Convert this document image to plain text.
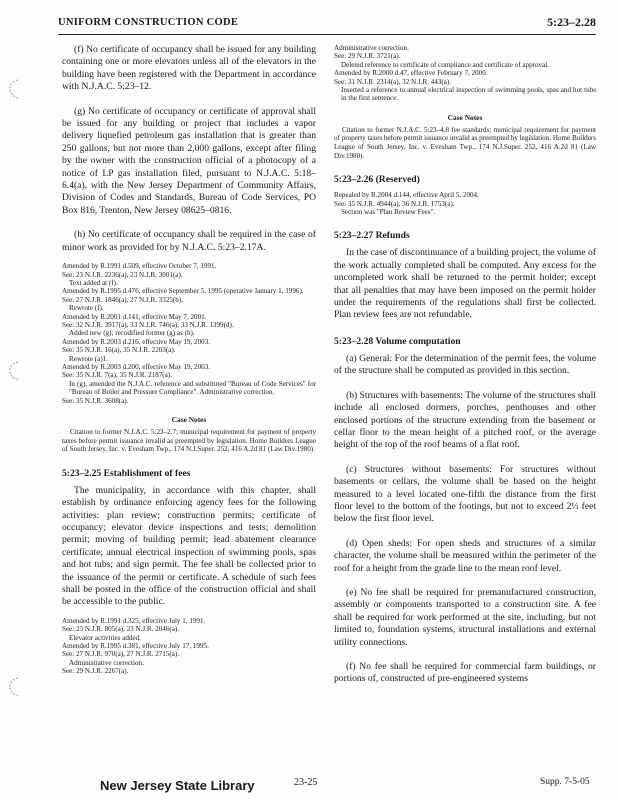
UNIFORM CONSTRUCTION CODE	5:23–2.28

(f) No certificate of occupancy shall be issued for any building containing one or more elevators unless all of the elevators in the building have been registered with the Department in accordance with N.J.A.C. 5:23–12.

(g) No certificate of occupancy or certificate of approval shall be issued for any building or project that includes a vapor delivery liquefied petroleum gas installation that is greater than 250 gallons, but not more than 2,000 gallons, except after filing by the owner with the construction official of a photocopy of a notice of LP gas installation filed, pursuant to N.J.A.C. 5:18–6.4(a), with the New Jersey Department of Community Affairs, Division of Codes and Standards, Bureau of Code Services, PO Box 816, Trenton, New Jersey 08625–0816.

(h) No certificate of occupancy shall be required in the case of minor work as provided for by N.J.A.C. 5:23–2.17A.

Amended by R.1991 d.509, effective October 7, 1991.

See: 23 N.J.R. 2236(a), 23 N.J.R. 3001(a).

Text added at (f).

Amended by R.1995 d.476, effective September 5, 1995 (operative January 1, 1996).

See: 27 N.J.R. 1846(a), 27 N.J.R. 3325(b).

Rewrote (f).

Amended by R.2001 d.141, effective May 7, 2001.

See: 32 N.J.R. 3917(a), 33 N.J.R. 746(a), 33 N.J.R. 1399(d).

Added new (g); recodified former (g) as (h).

Amended by R.2003 d.216, effective May 19, 2003.

See: 35 N.J.R. 16(a), 35 N.J.R. 2203(a).

Rewrote (a)1.

Amended by R.2003 d.200, effective May 19, 2003.

See: 35 N.J.R. 7(a), 35 N.J.R. 2187(a).

In (g), amended the N.J.A.C. reference and substituted "Bureau of Code Services" for "Bureau of Boiler and Pressure Compliance". Administrative correction.

See: 35 N.J.R. 3608(a).

Case Notes

Citation to former N.J.A.C. 5:23–2.7; municipal requirement for payment of property taxes before permit issuance invalid as preempted by legislation. Home Builders League of South Jersey, Inc. v. Evesham Twp., 174 N.J.Super. 252, 416 A.2d 81 (Law Div.1980).

5:23–2.25 Establishment of fees

The municipality, in accordance with this chapter, shall establish by ordinance enforcing agency fees for the following activities: plan review; construction permits; certificate of occupancy; elevator device inspections and tests; demolition permit; moving of building permit; lead abatement clearance certificate; annual electrical inspection of swimming pools, spas and hot tubs; and sign permit. The fee shall be collected prior to the issuance of the permit or certificate. A schedule of such fees shall be posted in the office of the construction official and shall be accessible to the public.

Amended by R.1991 d.325, effective July 1, 1991.

See: 23 N.J.R. 805(a), 23 N.J.R. 2046(a).

Elevator activities added.

Amended by R.1995 d.381, effective July 17, 1995.

See: 27 N.J.R. 970(a), 27 N.J.R. 2715(a).

Administrative correction.

See: 29 N.J.R. 2267(a).

Administrative correction.

See: 29 N.J.R. 3721(a).

Deleted reference to certificate of compliance and certificate of approval.

Amended by R.2000 d.47, effective February 7, 2000.

See: 31 N.J.R. 2314(a), 32 N.J.R. 443(a).

Inserted a reference to annual electrical inspection of swimming pools, spas and hot tubs in the first sentence.

Case Notes

Citation to former N.J.A.C. 5:23–4.8 fee standards; municipal requirement for payment of property taxes before permit issuance invalid as preempted by legislation. Home Builders League of South Jersey, Inc. v. Evesham Twp., 174 N.J.Super. 252, 416 A.2d 81 (Law Div.1980).

5:23–2.26 (Reserved)

Repealed by R.2004 d.144, effective April 5, 2004.

See: 35 N.J.R. 4944(a), 36 N.J.R. 1753(a).

Section was "Plan Review Fees".

5:23–2.27 Refunds

In the case of discontinuance of a building project, the volume of the work actually completed shall be computed. Any excess for the uncompleted work shall be returned to the permit holder; except that all penalties that may have been imposed on the permit holder under the requirements of the regulations shall first be collected. Plan review fees are not refundable.

5:23–2.28 Volume computation

(a) General: For the determination of the permit fees, the volume of the structure shall be computed as provided in this section.

(b) Structures with basements: The volume of the structures shall include all enclosed dormers, porches, penthouses and other enclosed portions of the structure extending from the basement or cellar floor to the mean height of a pitched roof, or the average height of the top of the roof beams of a flat roof.

(c) Structures without basements: For structures without basements or cellars, the volume shall be based on the height measured to a level located one-fifth the distance from the first floor level to the bottom of the footings, but not to exceed 2⅓ feet below the first floor level.

(d) Open sheds: For open sheds and structures of a similar character, the volume shall be measured within the perimeter of the roof for a height from the grade line to the mean roof level.

(e) No fee shall be required for premanufactured construction, assembly or components transported to a construction site. A fee shall be required for work performed at the site, including, but not limited to, foundation systems, structural installations and external utility connections.

(f) No fee shall be required for commercial farm buildings, or portions of, constructed of pre-engineered systems

New Jersey State Library	23-25	Supp. 7-5-05
